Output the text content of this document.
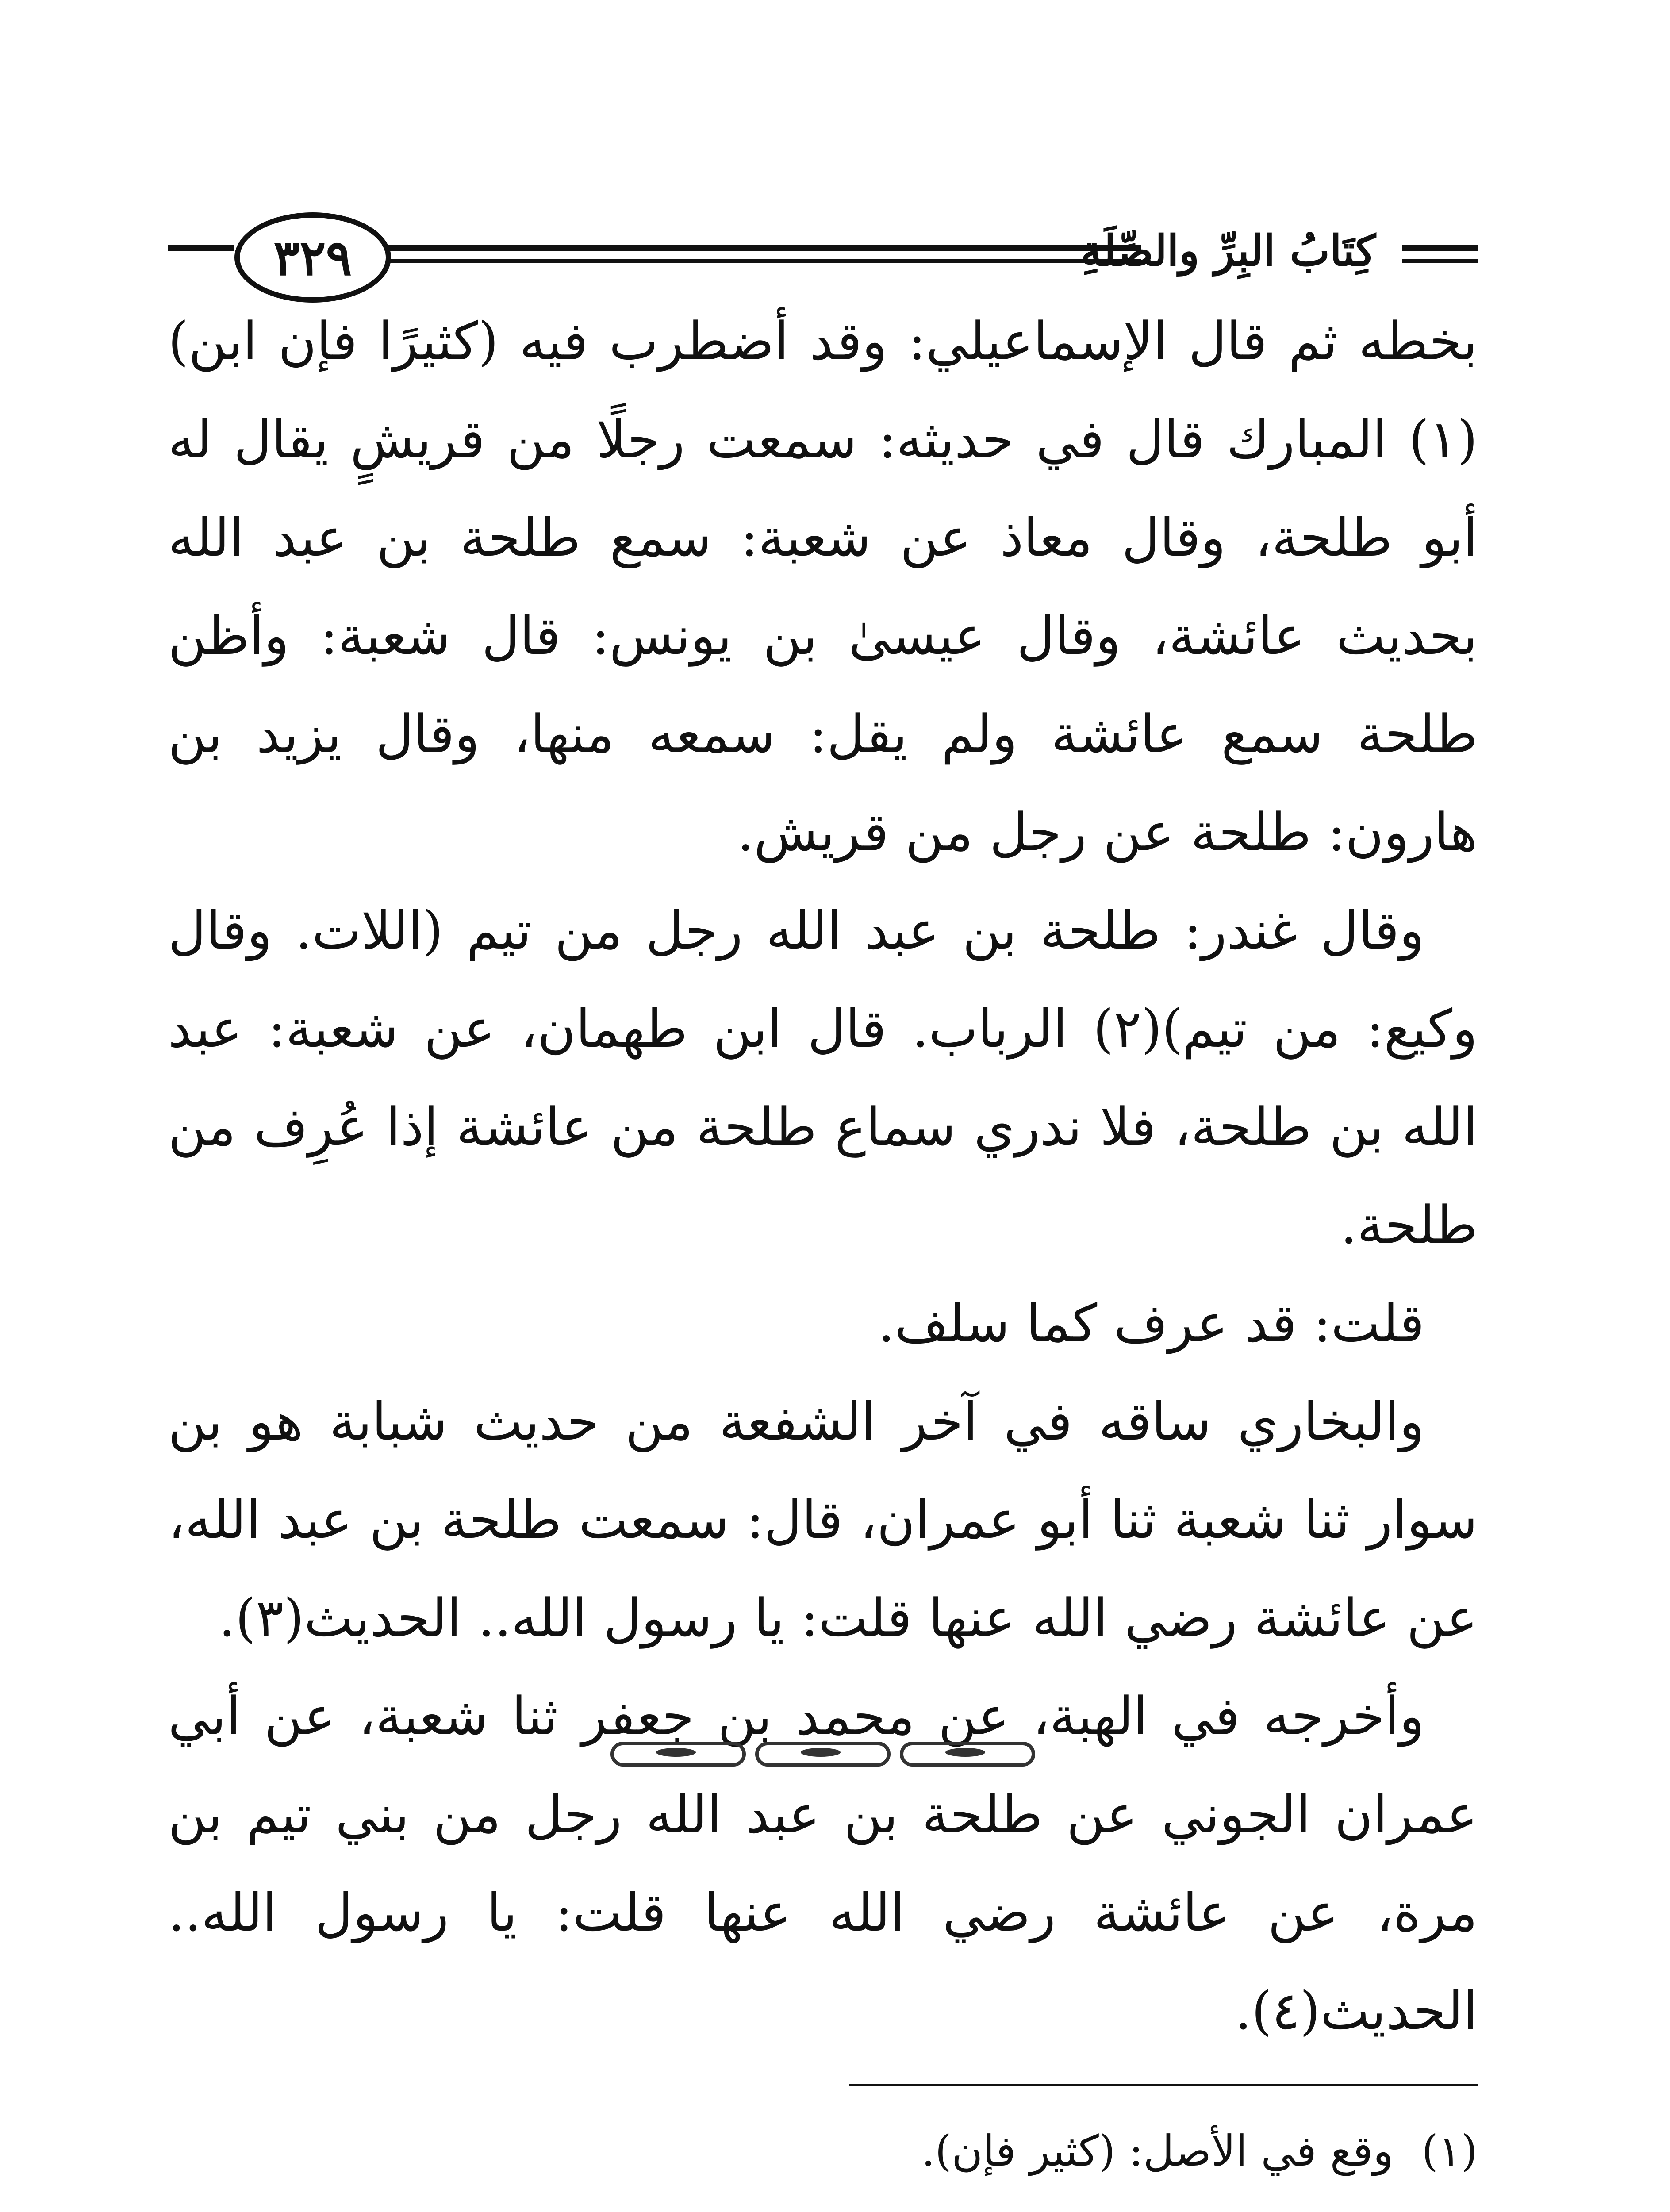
٣٢٩	كِتَابُ البِرِّ والصِّلَةِ

بخطه ثم قال الإسماعيلي: وقد أضطرب فيه (كثيرًا فإن ابن)(١) المبارك قال في حديثه: سمعت رجلًا من قريشٍ يقال له أبو طلحة، وقال معاذ عن شعبة: سمع طلحة بن عبد الله بحديث عائشة، وقال عيسىٰ بن يونس: قال شعبة: وأظن طلحة سمع عائشة ولم يقل: سمعه منها، وقال يزيد بن هارون: طلحة عن رجل من قريش.

وقال غندر: طلحة بن عبد الله رجل من تيم (اللات. وقال وكيع: من تيم)(٢) الرباب. قال ابن طهمان، عن شعبة: عبد الله بن طلحة، فلا ندري سماع طلحة من عائشة إذا عُرِف من طلحة.

قلت: قد عرف كما سلف.

والبخاري ساقه في آخر الشفعة من حديث شبابة هو بن سوار ثنا شعبة ثنا أبو عمران، قال: سمعت طلحة بن عبد الله، عن عائشة رضي الله عنها قلت: يا رسول الله.. الحديث(٣).

وأخرجه في الهبة، عن محمد بن جعفر ثنا شعبة، عن أبي عمران الجوني عن طلحة بن عبد الله رجل من بني تيم بن مرة، عن عائشة رضي الله عنها قلت: يا رسول الله.. الحديث(٤).

(١)
وقع في الأصل: (كثير فإن).
